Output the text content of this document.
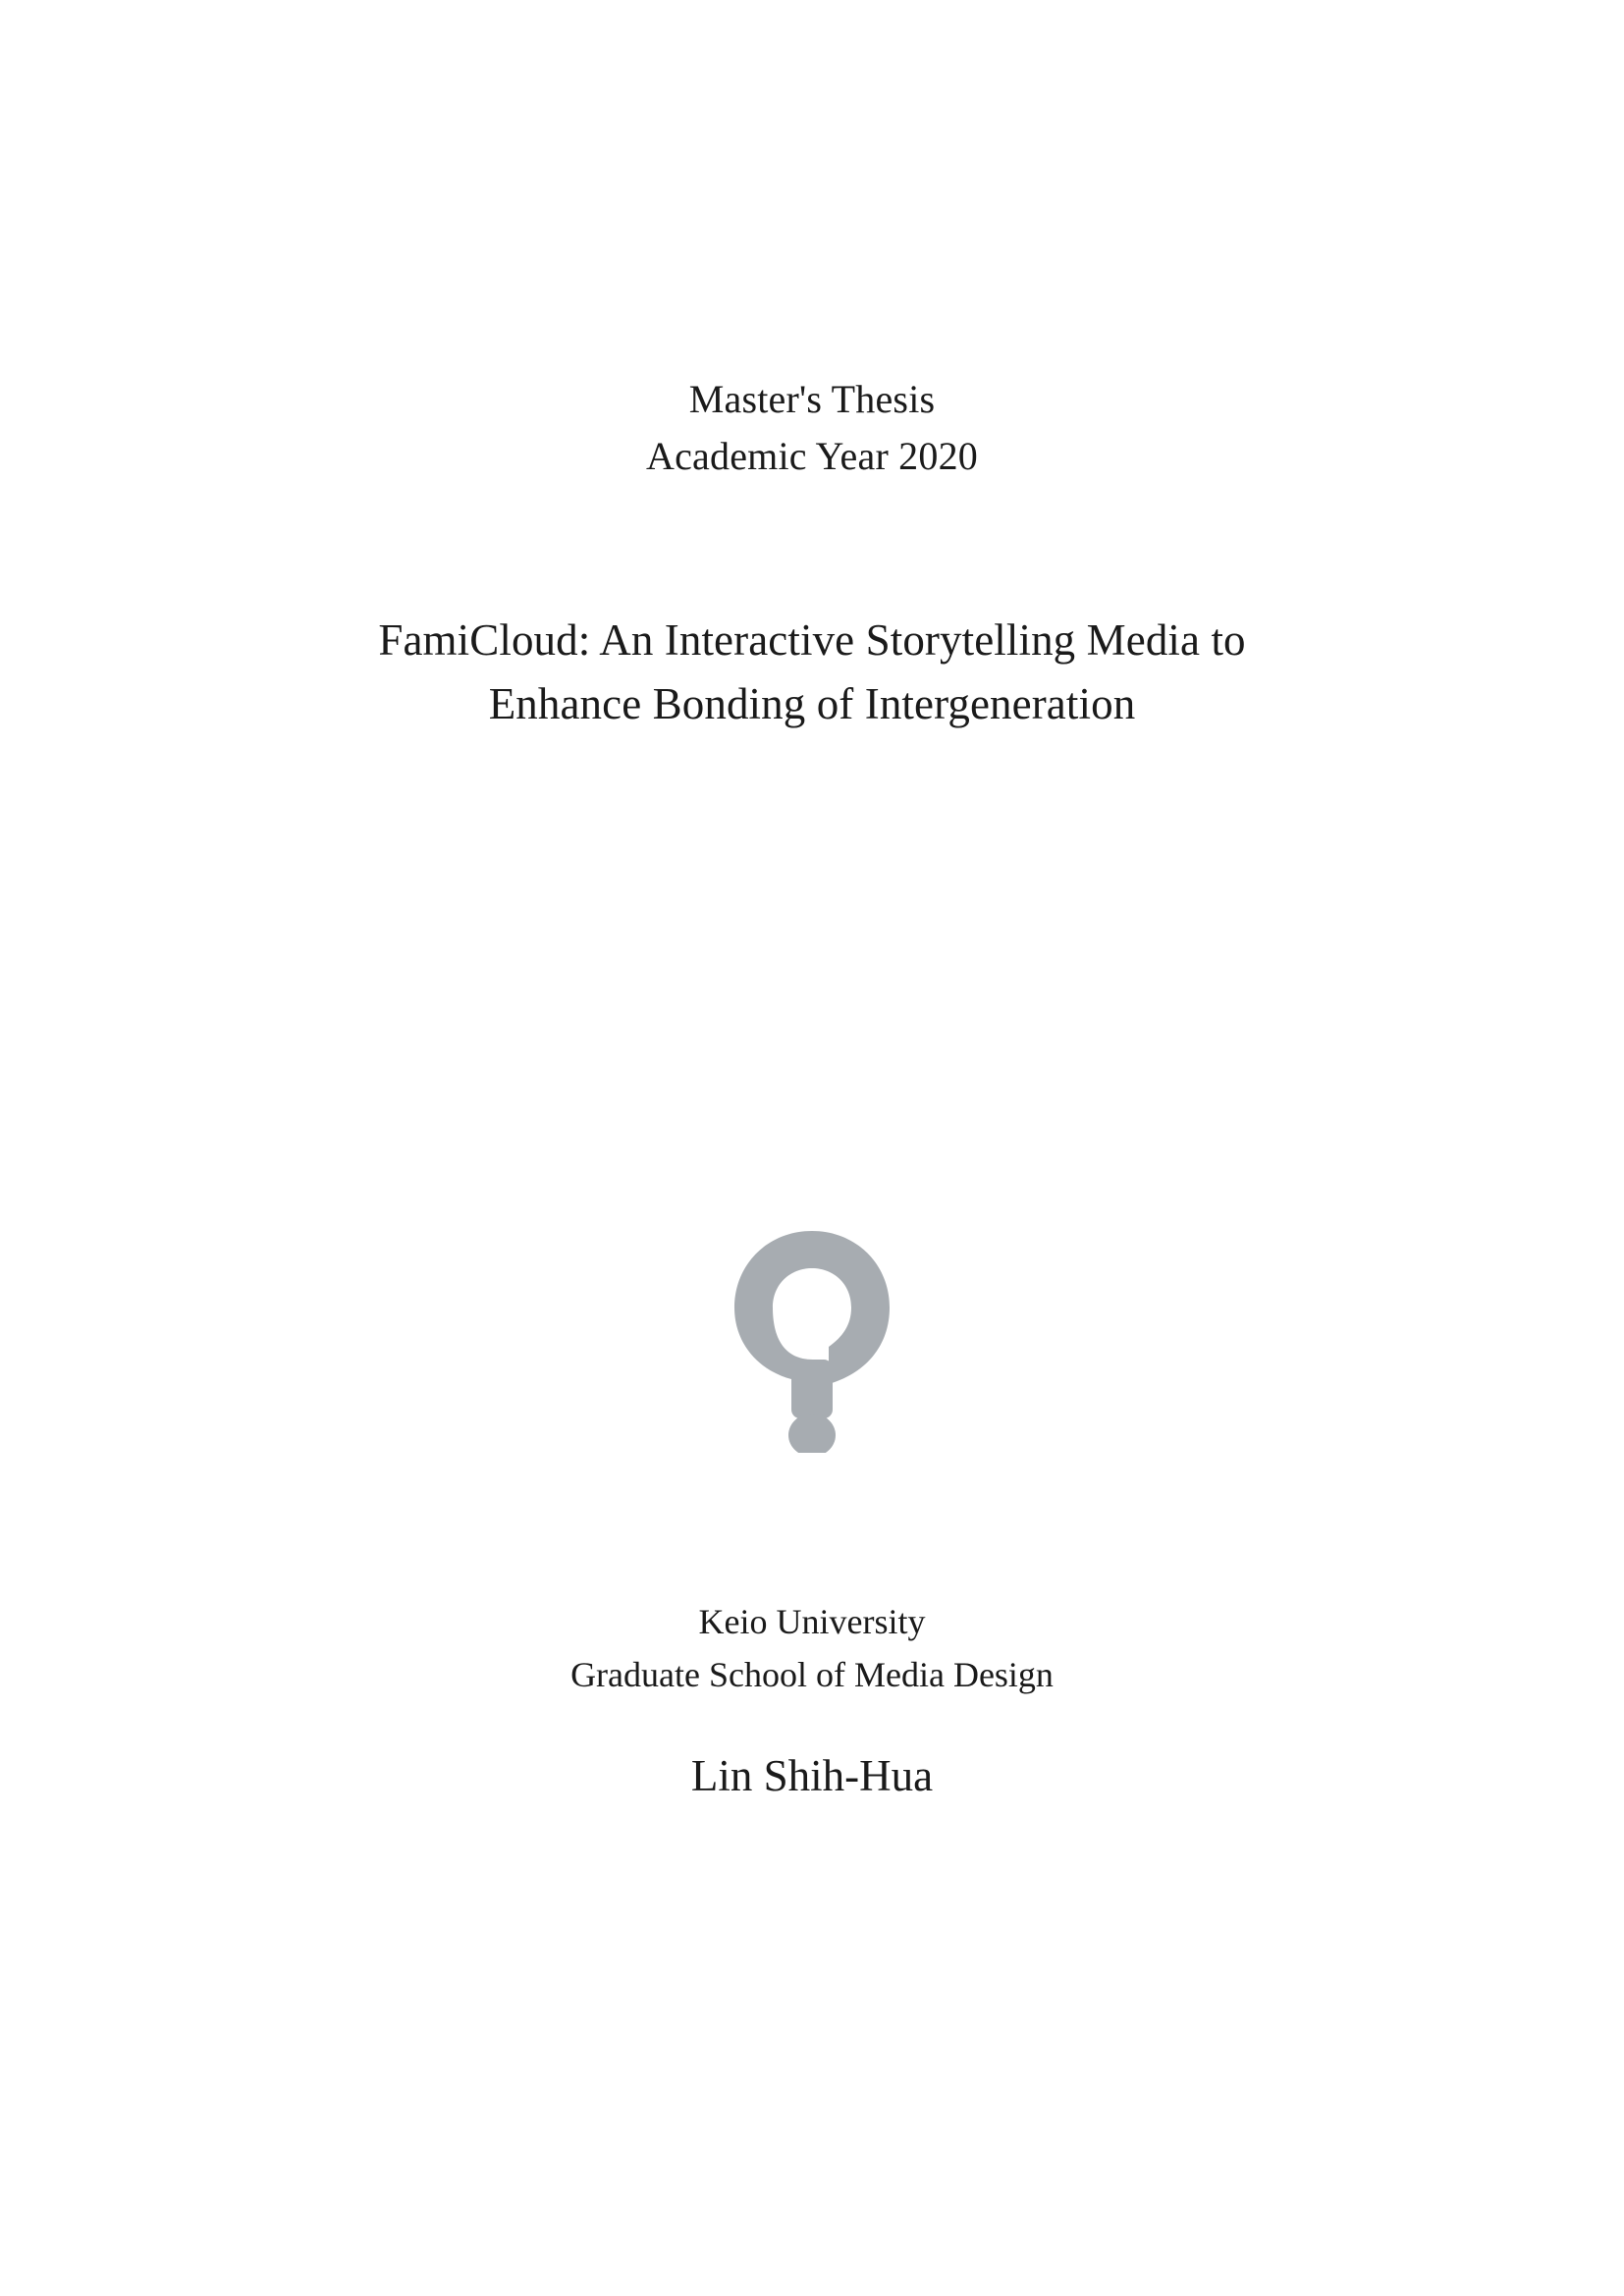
Master's Thesis
Academic Year 2020
FamiCloud: An Interactive Storytelling Media to
Enhance Bonding of Intergeneration
Keio University
Graduate School of Media Design
Lin Shih-Hua
